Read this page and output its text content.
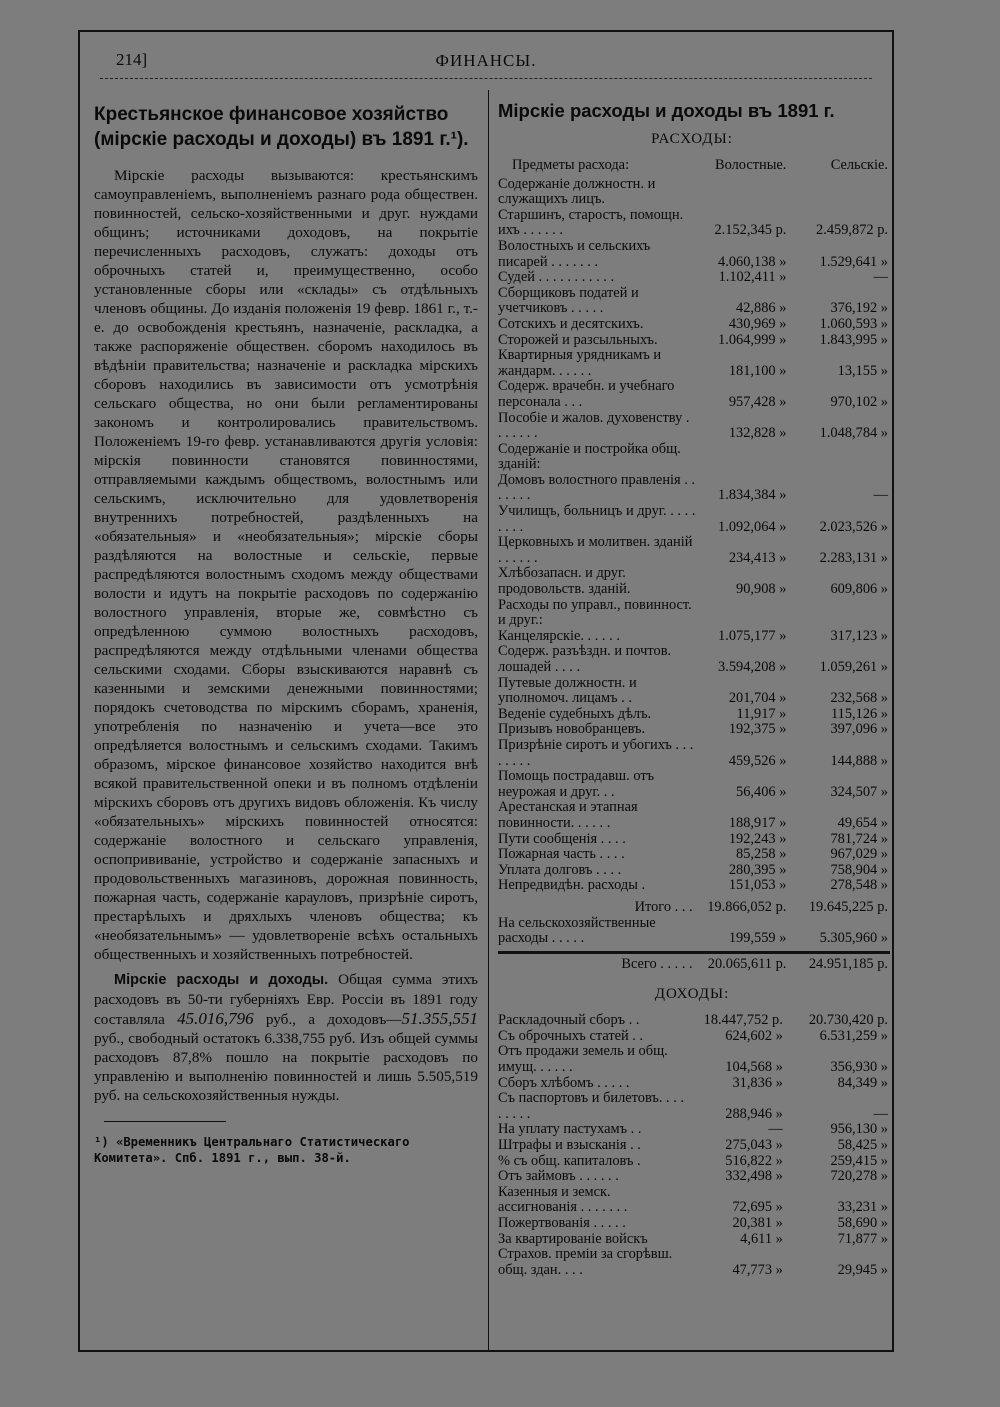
214]	ФИНАНСЫ.
Крестьянское финансовое хозяйство (мірскіе расходы и доходы) въ 1891 г.¹).

Мірскіе расходы вызываются: крестьянскимъ самоуправленіемъ, выполненіемъ разнаго рода обществен. повинностей, сельско-хозяйственными и друг. нуждами общинъ; источниками доходовъ, на покрытіе перечисленныхъ расходовъ, служатъ: доходы отъ оброчныхъ статей и, преимущественно, особо установленные сборы или «склады» съ отдѣльныхъ членовъ общины. До изданія положенія 19 февр. 1861 г., т.-е. до освобожденія крестьянъ, назначеніе, раскладка, а также распоряженіе обществен. сборомъ находилось въ вѣдѣніи правительства; назначеніе и раскладка мірскихъ сборовъ находились въ зависимости отъ усмотрѣнія сельскаго общества, но они были регламентированы закономъ и контролировались правительствомъ. Положеніемъ 19-го февр. устанавливаются другія условія: мірскія повинности становятся повинностями, отправляемыми каждымъ обществомъ, волостнымъ или сельскимъ, исключительно для удовлетворенія внутреннихъ потребностей, раздѣленныхъ на «обязательныя» и «необязательныя»; мірскіе сборы раздѣляются на волостные и сельскіе, первые распредѣляются волостнымъ сходомъ между обществами волости и идутъ на покрытіе расходовъ по содержанію волостного управленія, вторые же, совмѣстно съ опредѣленною суммою волостныхъ расходовъ, распредѣляются между отдѣльными членами общества сельскими сходами. Сборы взыскиваются наравнѣ съ казенными и земскими денежными повинностями; порядокъ счетоводства по мірскимъ сборамъ, храненія, употребленія по назначенію и учета—все это опредѣляется волостнымъ и сельскимъ сходами. Такимъ образомъ, мірское финансовое хозяйство находится внѣ всякой правительственной опеки и въ полномъ отдѣленіи мірскихъ сборовъ отъ другихъ видовъ обложенія. Къ числу «обязательныхъ» мірскихъ повинностей относятся: содержаніе волостного и сельскаго управленія, оспопрививаніе, устройство и содержаніе запасныхъ и продовольственныхъ магазиновъ, дорожная повинность, пожарная часть, содержаніе карауловъ, призрѣніе сиротъ, престарѣлыхъ и дряхлыхъ членовъ общества; къ «необязательнымъ» — удовлетвореніе всѣхъ остальныхъ общественныхъ и хозяйственныхъ потребностей.

Мірскіе расходы и доходы. Общая сумма этихъ расходовъ въ 50-ти губерніяхъ Евр. Россіи въ 1891 году составляла 45.016,796 руб., а доходовъ—51.355,551 руб., свободный остатокъ 6.338,755 руб. Изъ общей суммы расходовъ 87,8% пошло на покрытіе расходовъ по управленію и выполненію повинностей и лишь 5.505,519 руб. на сельскохозяйственныя нужды.

¹) «Временникъ Центральнаго Статистическаго Комитета». Спб. 1891 г., вып. 38-й.

Мірскіе расходы и доходы въ 1891 г.
РАСХОДЫ:
Предметы расхода:	Волостные.	Сельскіе.
Содержаніе должностн. и служащихъ лицъ.		
Старшинъ, старостъ, помощн. ихъ . . . . . .	2.152,345 р.	2.459,872 р.
Волостныхъ и сельскихъ писарей . . . . . . .	4.060,138 »	1.529,641 »
Судей . . . . . . . . . . .	1.102,411 »	—
Сборщиковъ податей и учетчиковъ . . . . .	42,886 »	376,192 »
Сотскихъ и десятскихъ.	430,969 »	1.060,593 »
Сторожей и разсыльныхъ.	1.064,999 »	1.843,995 »
Квартирныя урядникамъ и жандарм. . . . . .	181,100 »	13,155 »
Содерж. врачебн. и учебнаго персонала . . .	957,428 »	970,102 »
Пособіе и жалов. духовенству . . . . . . .	132,828 »	1.048,784 »
Содержаніе и постройка общ. зданій:		
Домовъ волостного правленія . . . . . . .	1.834,384 »	—
Училищъ, больницъ и друг. . . . . . . . .	1.092,064 »	2.023,526 »
Церковныхъ и молитвен. зданій . . . . . .	234,413 »	2.283,131 »
Хлѣбозапасн. и друг. продовольств. зданій.	90,908 »	609,806 »
Расходы по управл., повинност. и друг.:		
Канцелярскіе. . . . . .	1.075,177 »	317,123 »
Содерж. разъѣздн. и почтов. лошадей . . . .	3.594,208 »	1.059,261 »
Путевые должностн. и уполномоч. лицамъ . .	201,704 »	232,568 »
Веденіе судебныхъ дѣлъ.	11,917 »	115,126 »
Призывъ новобранцевъ.	192,375 »	397,096 »
Призрѣніе сиротъ и убогихъ . . . . . . . .	459,526 »	144,888 »
Помощь пострадавш. отъ неурожая и друг. . .	56,406 »	324,507 »
Арестанская и этапная повинности. . . . . .	188,917 »	49,654 »
Пути сообщенія . . . .	192,243 »	781,724 »
Пожарная часть . . . .	85,258 »	967,029 »
Уплата долговъ . . . .	280,395 »	758,904 »
Непредвидѣн. расходы .	151,053 »	278,548 »
Итого . . .	19.866,052 р.	19.645,225 р.
На сельскохозяйственные расходы . . . . .	199,559 »	5.305,960 »
Всего . . . . .	20.065,611 р.	24.951,185 р.
ДОХОДЫ:
Раскладочный сборъ . .	18.447,752 р.	20.730,420 р.
Съ оброчныхъ статей . .	624,602 »	6.531,259 »
Отъ продажи земель и общ. имущ. . . . . .	104,568 »	356,930 »
Сборъ хлѣбомъ . . . . .	31,836 »	84,349 »
Съ паспортовъ и билетовъ. . . . . . . . .	288,946 »	—
На уплату пастухамъ . .	—	956,130 »
Штрафы и взысканія . .	275,043 »	58,425 »
% съ общ. капиталовъ .	516,822 »	259,415 »
Отъ займовъ . . . . . .	332,498 »	720,278 »
Казенныя и земск. ассигнованія . . . . . . .	72,695 »	33,231 »
Пожертвованія . . . . .	20,381 »	58,690 »
За квартированіе войскъ	4,611 »	71,877 »
Страхов. преміи за сгорѣвш. общ. здан. . . .	47,773 »	29,945 »
